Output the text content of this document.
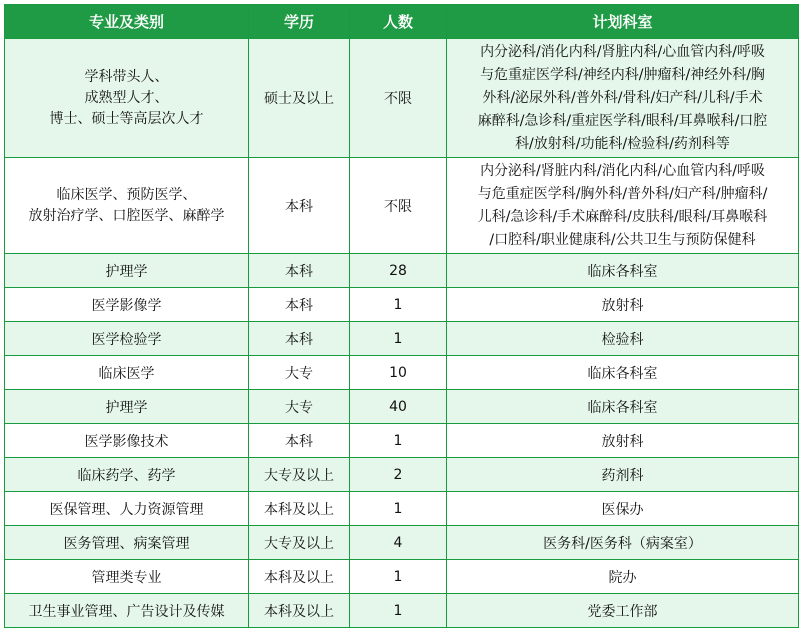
专业及类别	学历	人数	计划科室

学科带头人、
成熟型人才、
博士、硕士等高层次人才	硕士及以上	不限	内分泌科/消化内科/肾脏内科/心血管内科/呼吸
与危重症医学科/神经内科/肿瘤科/神经外科/胸
外科/泌尿外科/普外科/骨科/妇产科/儿科/手术
麻醉科/急诊科/重症医学科/眼科/耳鼻喉科/口腔
科/放射科/功能科/检验科/药剂科等

临床医学、预防医学、
放射治疗学、口腔医学、麻醉学	本科	不限	内分泌科/肾脏内科/消化内科/心血管内科/呼吸
与危重症医学科/胸外科/普外科/妇产科/肿瘤科/
儿科/急诊科/手术麻醉科/皮肤科/眼科/耳鼻喉科
/口腔科/职业健康科/公共卫生与预防保健科

护理学	本科	28	临床各科室
医学影像学	本科	1	放射科
医学检验学	本科	1	检验科
临床医学	大专	10	临床各科室
护理学	大专	40	临床各科室
医学影像技术	本科	1	放射科
临床药学、药学	大专及以上	2	药剂科
医保管理、人力资源管理	本科及以上	1	医保办
医务管理、病案管理	大专及以上	4	医务科/医务科（病案室）
管理类专业	本科及以上	1	院办
卫生事业管理、广告设计及传媒	本科及以上	1	党委工作部
